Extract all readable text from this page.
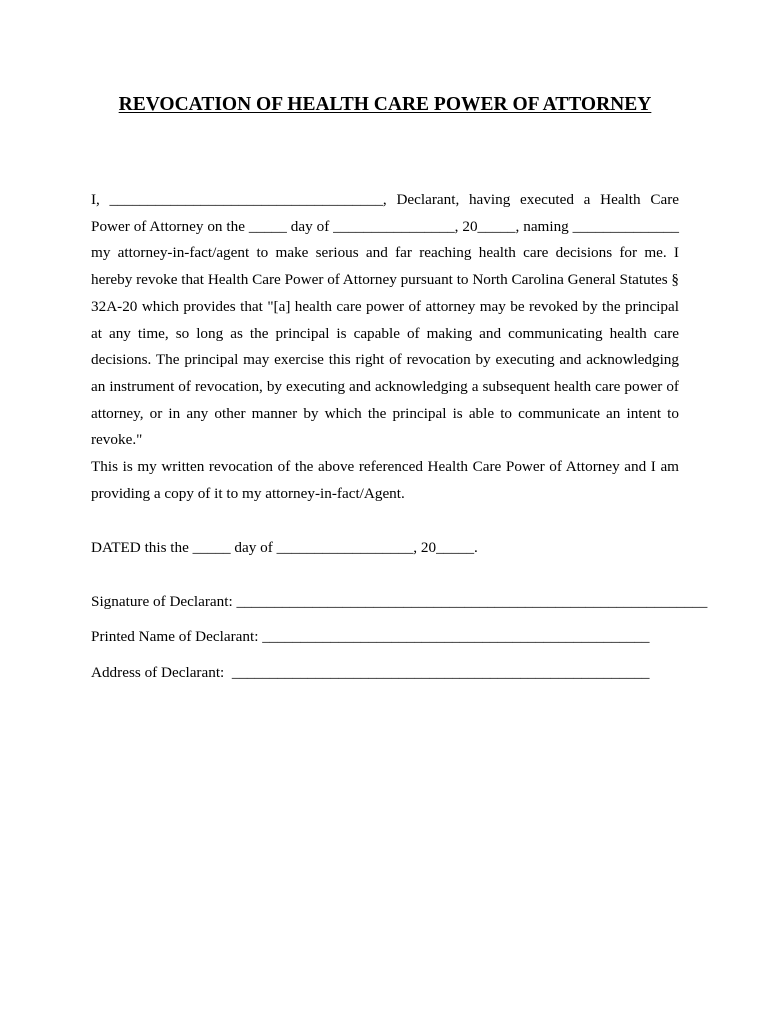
REVOCATION OF HEALTH CARE POWER OF ATTORNEY

I, ____________________________________, Declarant, having executed a Health Care Power of Attorney on the _____ day of ________________, 20_____, naming ______________ my attorney-in-fact/agent to make serious and far reaching health care decisions for me. I hereby revoke that Health Care Power of Attorney pursuant to North Carolina General Statutes § 32A-20 which provides that "[a] health care power of attorney may be revoked by the principal at any time, so long as the principal is capable of making and communicating health care decisions. The principal may exercise this right of revocation by executing and acknowledging an instrument of revocation, by executing and acknowledging a subsequent health care power of attorney, or in any other manner by which the principal is able to communicate an intent to revoke."

This is my written revocation of the above referenced Health Care Power of Attorney and I am providing a copy of it to my attorney-in-fact/Agent.

DATED this the _____ day of __________________, 20_____.

Signature of Declarant: ______________________________________________________________

Printed Name of Declarant: ___________________________________________________

Address of Declarant:  _______________________________________________________
